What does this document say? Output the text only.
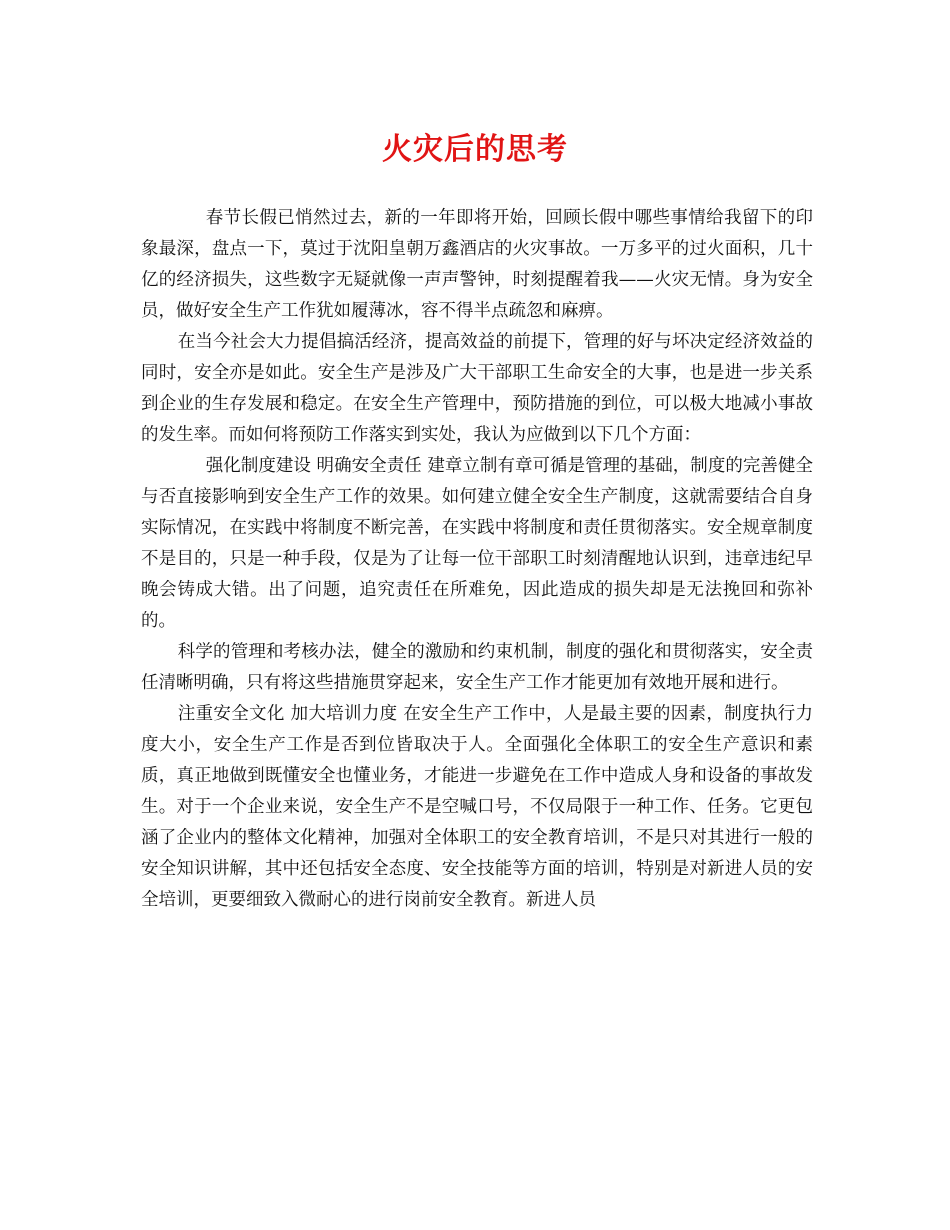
火灾后的思考

春节长假已悄然过去，新的一年即将开始，回顾长假中哪些事情给我留下的印象最深，盘点一下，莫过于沈阳皇朝万鑫酒店的火灾事故。一万多平的过火面积，几十亿的经济损失，这些数字无疑就像一声声警钟，时刻提醒着我——火灾无情。身为安全员，做好安全生产工作犹如履薄冰，容不得半点疏忽和麻痹。

在当今社会大力提倡搞活经济，提高效益的前提下，管理的好与坏决定经济效益的同时，安全亦是如此。安全生产是涉及广大干部职工生命安全的大事，也是进一步关系到企业的生存发展和稳定。在安全生产管理中，预防措施的到位，可以极大地减小事故的发生率。而如何将预防工作落实到实处，我认为应做到以下几个方面：

强化制度建设 明确安全责任 建章立制有章可循是管理的基础，制度的完善健全与否直接影响到安全生产工作的效果。如何建立健全安全生产制度，这就需要结合自身实际情况，在实践中将制度不断完善，在实践中将制度和责任贯彻落实。安全规章制度不是目的，只是一种手段，仅是为了让每一位干部职工时刻清醒地认识到，违章违纪早晚会铸成大错。出了问题，追究责任在所难免，因此造成的损失却是无法挽回和弥补的。

科学的管理和考核办法，健全的激励和约束机制，制度的强化和贯彻落实，安全责任清晰明确，只有将这些措施贯穿起来，安全生产工作才能更加有效地开展和进行。

注重安全文化 加大培训力度 在安全生产工作中，人是最主要的因素，制度执行力度大小，安全生产工作是否到位皆取决于人。全面强化全体职工的安全生产意识和素质，真正地做到既懂安全也懂业务，才能进一步避免在工作中造成人身和设备的事故发生。对于一个企业来说，安全生产不是空喊口号，不仅局限于一种工作、任务。它更包涵了企业内的整体文化精神，加强对全体职工的安全教育培训，不是只对其进行一般的安全知识讲解，其中还包括安全态度、安全技能等方面的培训，特别是对新进人员的安全培训，更要细致入微耐心的进行岗前安全教育。新进人员
